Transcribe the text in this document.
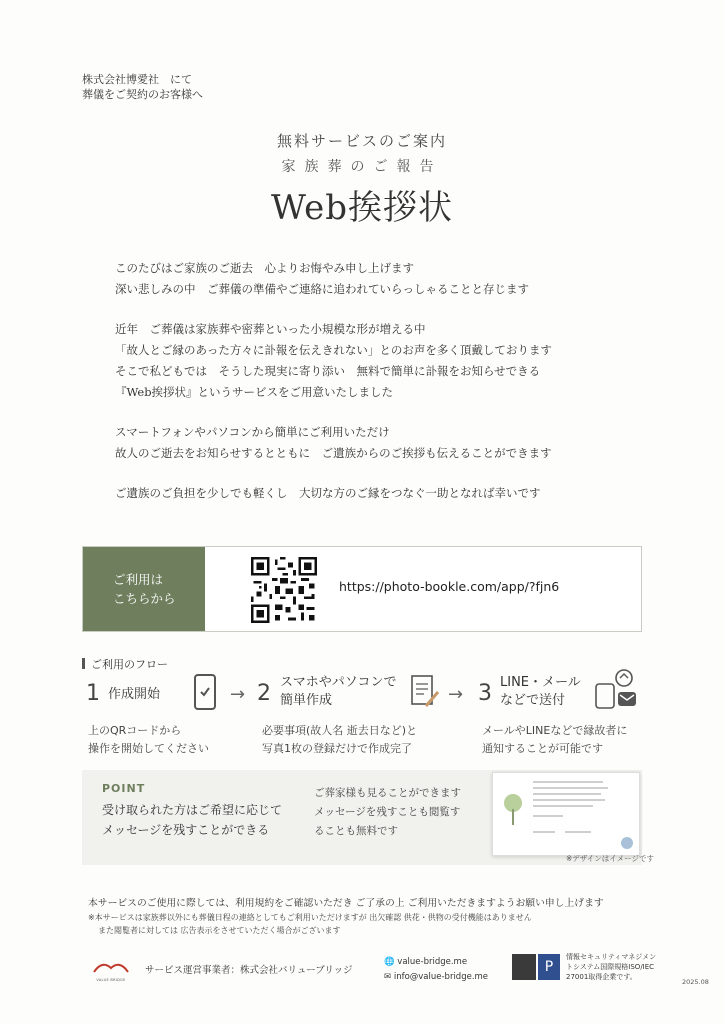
株式会社博愛社　にて
葬儀をご契約のお客様へ
無料サービスのご案内
家族葬のご報告
Web挨拶状

このたびはご家族のご逝去　心よりお悔やみ申し上げます

深い悲しみの中　ご葬儀の準備やご連絡に追われていらっしゃることと存じます

近年　ご葬儀は家族葬や密葬といった小規模な形が増える中

「故人とご縁のあった方々に訃報を伝えきれない」とのお声を多く頂戴しております

そこで私どもでは　そうした現実に寄り添い　無料で簡単に訃報をお知らせできる

『Web挨拶状』というサービスをご用意いたしました

スマートフォンやパソコンから簡単にご利用いただけ

故人のご逝去をお知らせするとともに　ご遺族からのご挨拶も伝えることができます

ご遺族のご負担を少しでも軽くし　大切な方のご縁をつなぐ一助となれば幸いです

ご利用は
こちらから
https://photo-bookle.com/app/?fjn6
ご利用のフロー
1 作成開始	→
上のQRコードから
操作を開始してください
2 スマホやパソコンで
簡単作成	→
必要事項(故人名 逝去日など)と
写真1枚の登録だけで作成完了
3 LINE・メール
などで送付
メールやLINEなどで縁故者に
通知することが可能です
POINT
受け取られた方はご希望に応じて
メッセージを残すことができる
ご葬家様も見ることができます
メッセージを残すことも閲覧す
ることも無料です
※デザインはイメージです
本サービスのご使用に際しては、利用規約をご確認いただき ご了承の上 ご利用いただきますようお願い申し上げます
※本サービスは家族葬以外にも葬儀日程の連絡としてもご利用いただけますが 出欠確認 供花・供物の受付機能はありません
また閲覧者に対しては 広告表示をさせていただく場合がございます
VALUE BRIDGE
サービス運営事業者：株式会社バリューブリッジ
🌐 value-bridge.me
✉ info@value-bridge.me
P
情報セキュリティマネジメン
トシステム国際規格ISO/IEC
27001取得企業です。
2025.08
